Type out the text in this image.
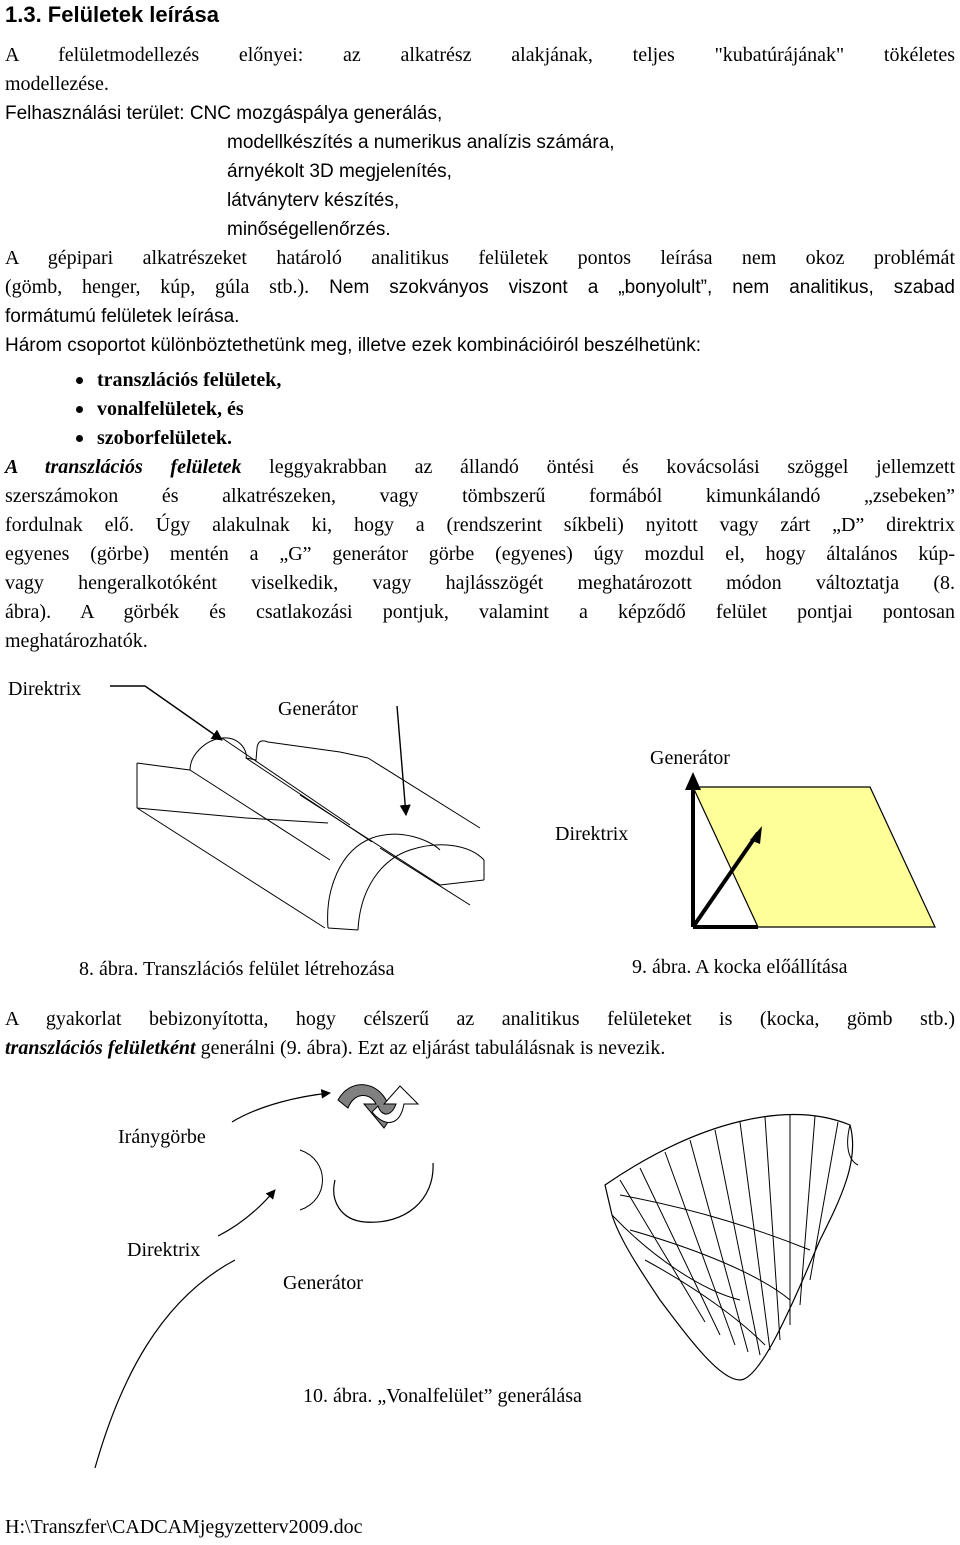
1.3. Felületek leírása
A felületmodellezés előnyei: az alkatrész alakjának, teljes "kubatúrájának" tökéletes
modellezése.
Felhasználási terület: CNC mozgáspálya generálás,
modellkészítés a numerikus analízis számára,
árnyékolt 3D megjelenítés,
látványterv készítés,
minőségellenőrzés.
A gépipari alkatrészeket határoló analitikus felületek pontos leírása nem okoz problémát
(gömb, henger, kúp, gúla stb.). Nem szokványos viszont a „bonyolult”, nem analitikus, szabad
formátumú felületek leírása.
Három csoportot különböztethetünk meg, illetve ezek kombinációiról beszélhetünk:
transzlációs felületek,
vonalfelületek, és
szoborfelületek.
A transzlációs felületek leggyakrabban az állandó öntési és kovácsolási szöggel jellemzett
szerszámokon és alkatrészeken, vagy tömbszerű formából kimunkálandó „zsebeken”
fordulnak elő. Úgy alakulnak ki, hogy a (rendszerint síkbeli) nyitott vagy zárt „D” direktrix
egyenes (görbe) mentén a „G” generátor görbe (egyenes) úgy mozdul el, hogy általános kúp-
vagy hengeralkotóként viselkedik, vagy hajlásszögét meghatározott módon változtatja (8.
ábra). A görbék és csatlakozási pontjuk, valamint a képződő felület pontjai pontosan
meghatározhatók.
Direktrix
Generátor
8. ábra. Transzlációs felület létrehozása
Generátor
Direktrix
9. ábra. A kocka előállítása
A gyakorlat bebizonyította, hogy célszerű az analitikus felületeket is (kocka, gömb stb.)
transzlációs felületként generálni (9. ábra). Ezt az eljárást tabulálásnak is nevezik.
Iránygörbe
Direktrix
Generátor
10. ábra. „Vonalfelület” generálása
H:\Transzfer\CADCAMjegyzetterv2009.doc
